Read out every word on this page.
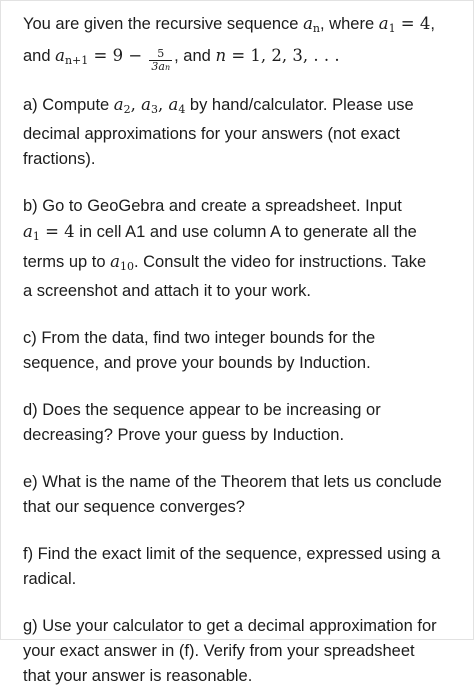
You are given the recursive sequence $a_n$, where $a_1 = 4$,

and $a_{n+1} = 9 - \frac{5}{3an}$ , and n = 1, 2, 3, . . .

a) Compute $a_2$, $a_3$, $a_4$ by hand/calculator. Please use
decimal approximations for your answers (not exact
fractions).

b) Go to GeoGebra and create a spreadsheet. Input
$a_1 = 4$ in cell A1 and use column A to generate all the
terms up to $a_{10}$. Consult the video for instructions. Take
a screenshot and attach it to your work.

c) From the data, find two integer bounds for the
sequence, and prove your bounds by Induction.

d) Does the sequence appear to be increasing or
decreasing? Prove your guess by Induction.

e) What is the name of the Theorem that lets us conclude
that our sequence converges?

f) Find the exact limit of the sequence, expressed using a
radical.

g) Use your calculator to get a decimal approximation for
your exact answer in (f). Verify from your spreadsheet
that your answer is reasonable.
